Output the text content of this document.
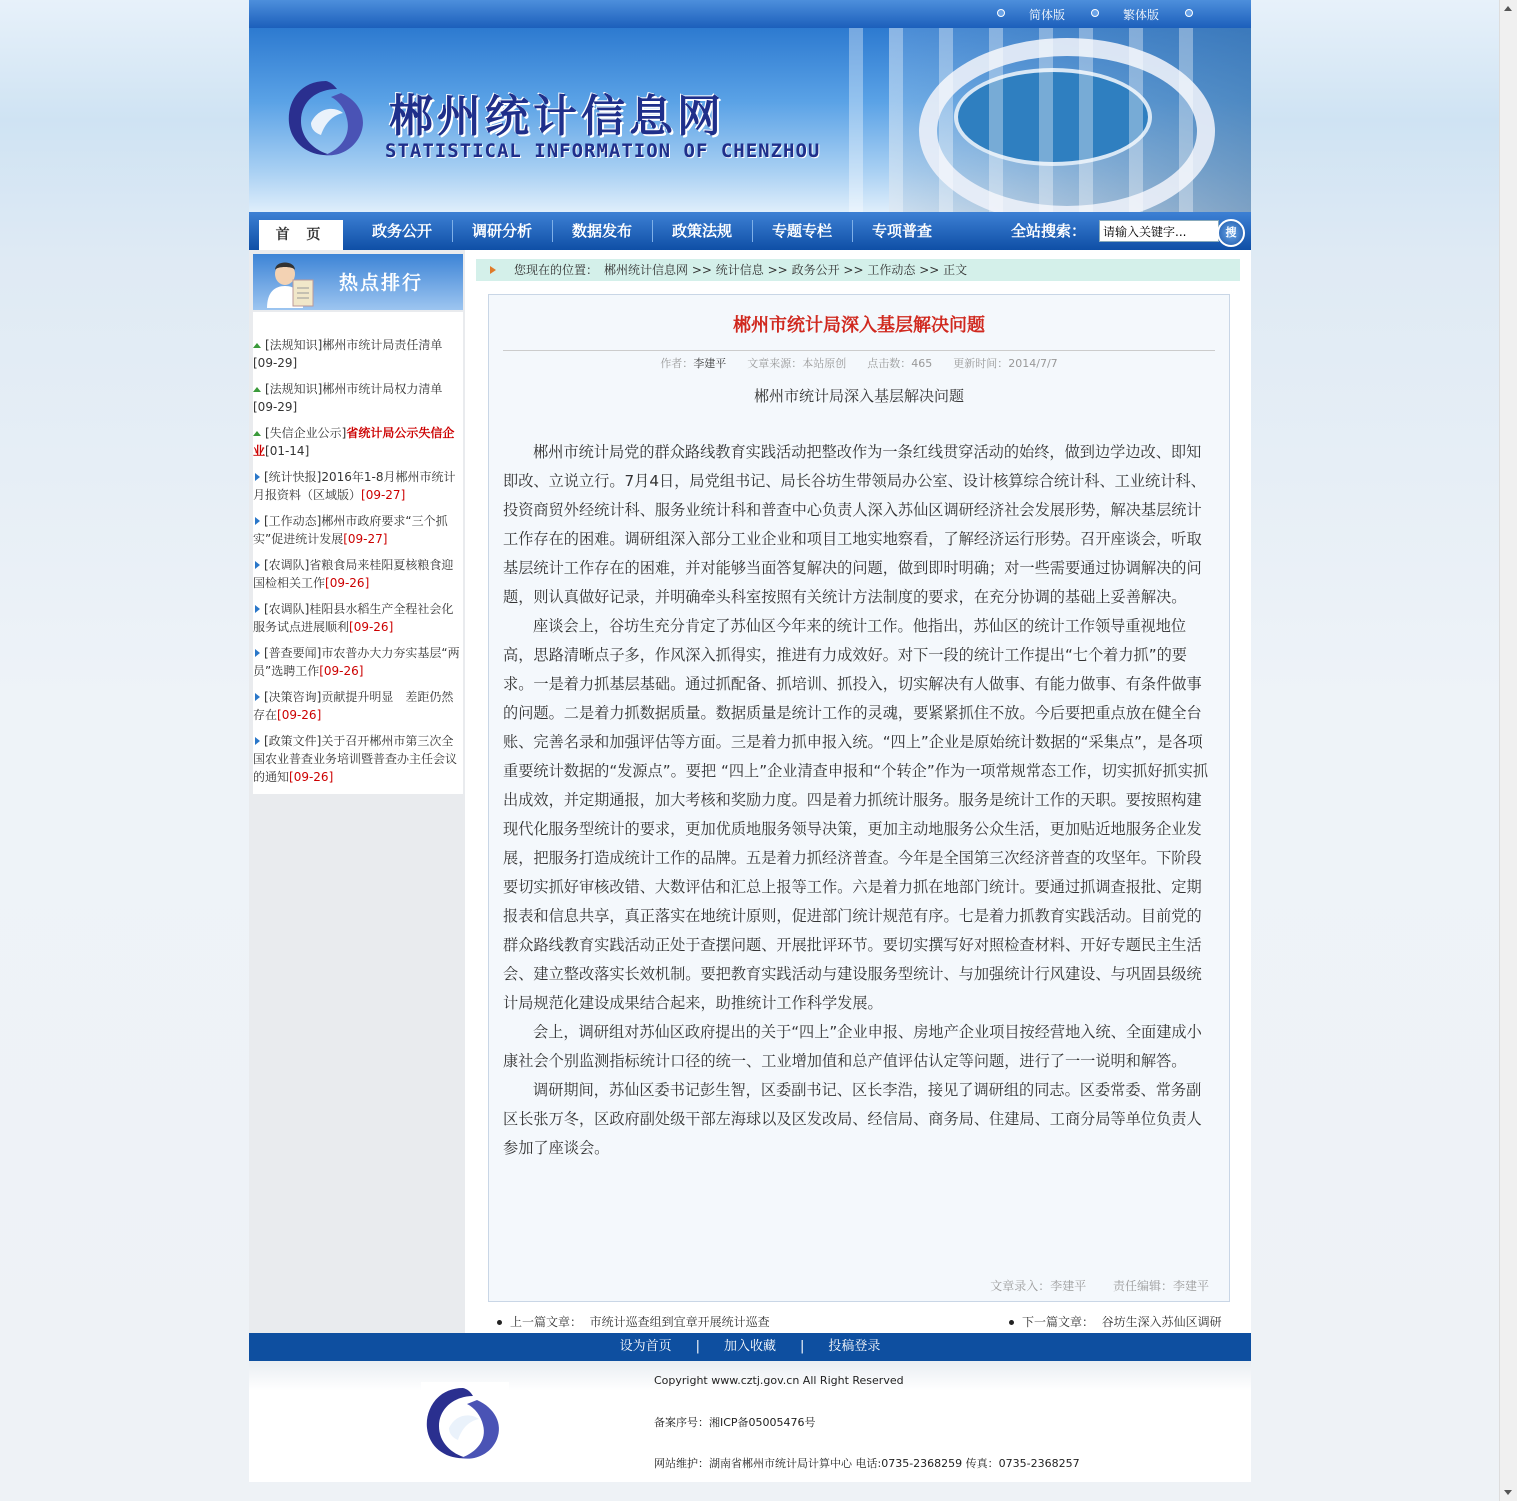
简体版	繁体版
郴州统计信息网
STATISTICAL INFORMATION OF CHENZHOU
首 页	政务公开	调研分析	数据发布	政策法规	专题专栏	专项普查	全站搜索：
请输入关键字...	搜
热点排行
[法规知识]郴州市统计局责任清单
[09-29]
[法规知识]郴州市统计局权力清单
[09-29]
[失信企业公示]省统计局公示失信企业[01-14]
[统计快报]2016年1-8月郴州市统计月报资料（区域版）[09-27]
[工作动态]郴州市政府要求“三个抓实”促进统计发展[09-27]
[农调队]省粮食局来桂阳夏核粮食迎国检相关工作[09-26]
[农调队]桂阳县水稻生产全程社会化服务试点进展顺利[09-26]
[普查要闻]市农普办大力夯实基层“两员”选聘工作[09-26]
[决策咨询]贡献提升明显　差距仍然存在[09-26]
[政策文件]关于召开郴州市第三次全国农业普查业务培训暨普查办主任会议的通知[09-26]
您现在的位置： 郴州统计信息网 >> 统计信息 >> 政务公开 >> 工作动态 >> 正文
郴州市统计局深入基层解决问题
作者：李建平 文章来源：本站原创 点击数：465 更新时间：2014/7/7
郴州市统计局深入基层解决问题

郴州市统计局党的群众路线教育实践活动把整改作为一条红线贯穿活动的始终，做到边学边改、即知即改、立说立行。7月4日，局党组书记、局长谷坊生带领局办公室、设计核算综合统计科、工业统计科、投资商贸外经统计科、服务业统计科和普查中心负责人深入苏仙区调研经济社会发展形势，解决基层统计工作存在的困难。调研组深入部分工业企业和项目工地实地察看，了解经济运行形势。召开座谈会，听取基层统计工作存在的困难，并对能够当面答复解决的问题，做到即时明确；对一些需要通过协调解决的问题，则认真做好记录，并明确牵头科室按照有关统计方法制度的要求，在充分协调的基础上妥善解决。

座谈会上，谷坊生充分肯定了苏仙区今年来的统计工作。他指出，苏仙区的统计工作领导重视地位高，思路清晰点子多，作风深入抓得实，推进有力成效好。对下一段的统计工作提出“七个着力抓”的要求。一是着力抓基层基础。通过抓配备、抓培训、抓投入，切实解决有人做事、有能力做事、有条件做事的问题。二是着力抓数据质量。数据质量是统计工作的灵魂，要紧紧抓住不放。今后要把重点放在健全台账、完善名录和加强评估等方面。三是着力抓申报入统。“四上”企业是原始统计数据的“采集点”，是各项重要统计数据的“发源点”。要把 “四上”企业清查申报和“个转企”作为一项常规常态工作，切实抓好抓实抓出成效，并定期通报，加大考核和奖励力度。四是着力抓统计服务。服务是统计工作的天职。要按照构建现代化服务型统计的要求，更加优质地服务领导决策，更加主动地服务公众生活，更加贴近地服务企业发展，把服务打造成统计工作的品牌。五是着力抓经济普查。今年是全国第三次经济普查的攻坚年。下阶段要切实抓好审核改错、大数评估和汇总上报等工作。六是着力抓在地部门统计。要通过抓调查报批、定期报表和信息共享，真正落实在地统计原则，促进部门统计规范有序。七是着力抓教育实践活动。目前党的群众路线教育实践活动正处于查摆问题、开展批评环节。要切实撰写好对照检查材料、开好专题民主生活会、建立整改落实长效机制。要把教育实践活动与建设服务型统计、与加强统计行风建设、与巩固县级统计局规范化建设成果结合起来，助推统计工作科学发展。

会上，调研组对苏仙区政府提出的关于“四上”企业申报、房地产企业项目按经营地入统、全面建成小康社会个别监测指标统计口径的统一、工业增加值和总产值评估认定等问题，进行了一一说明和解答。

调研期间，苏仙区委书记彭生智，区委副书记、区长李浩，接见了调研组的同志。区委常委、常务副区长张万冬，区政府副处级干部左海球以及区发改局、经信局、商务局、住建局、工商分局等单位负责人参加了座谈会。

文章录入：李建平 责任编辑：李建平
上一篇文章： 市统计巡查组到宜章开展统计巡查	下一篇文章： 谷坊生深入苏仙区调研
设为首页 | 加入收藏 | 投稿登录
Copyright www.cztj.gov.cn All Right Reserved
备案序号：湘ICP备05005476号
网站维护：湖南省郴州市统计局计算中心 电话:0735-2368259 传真：0735-2368257
